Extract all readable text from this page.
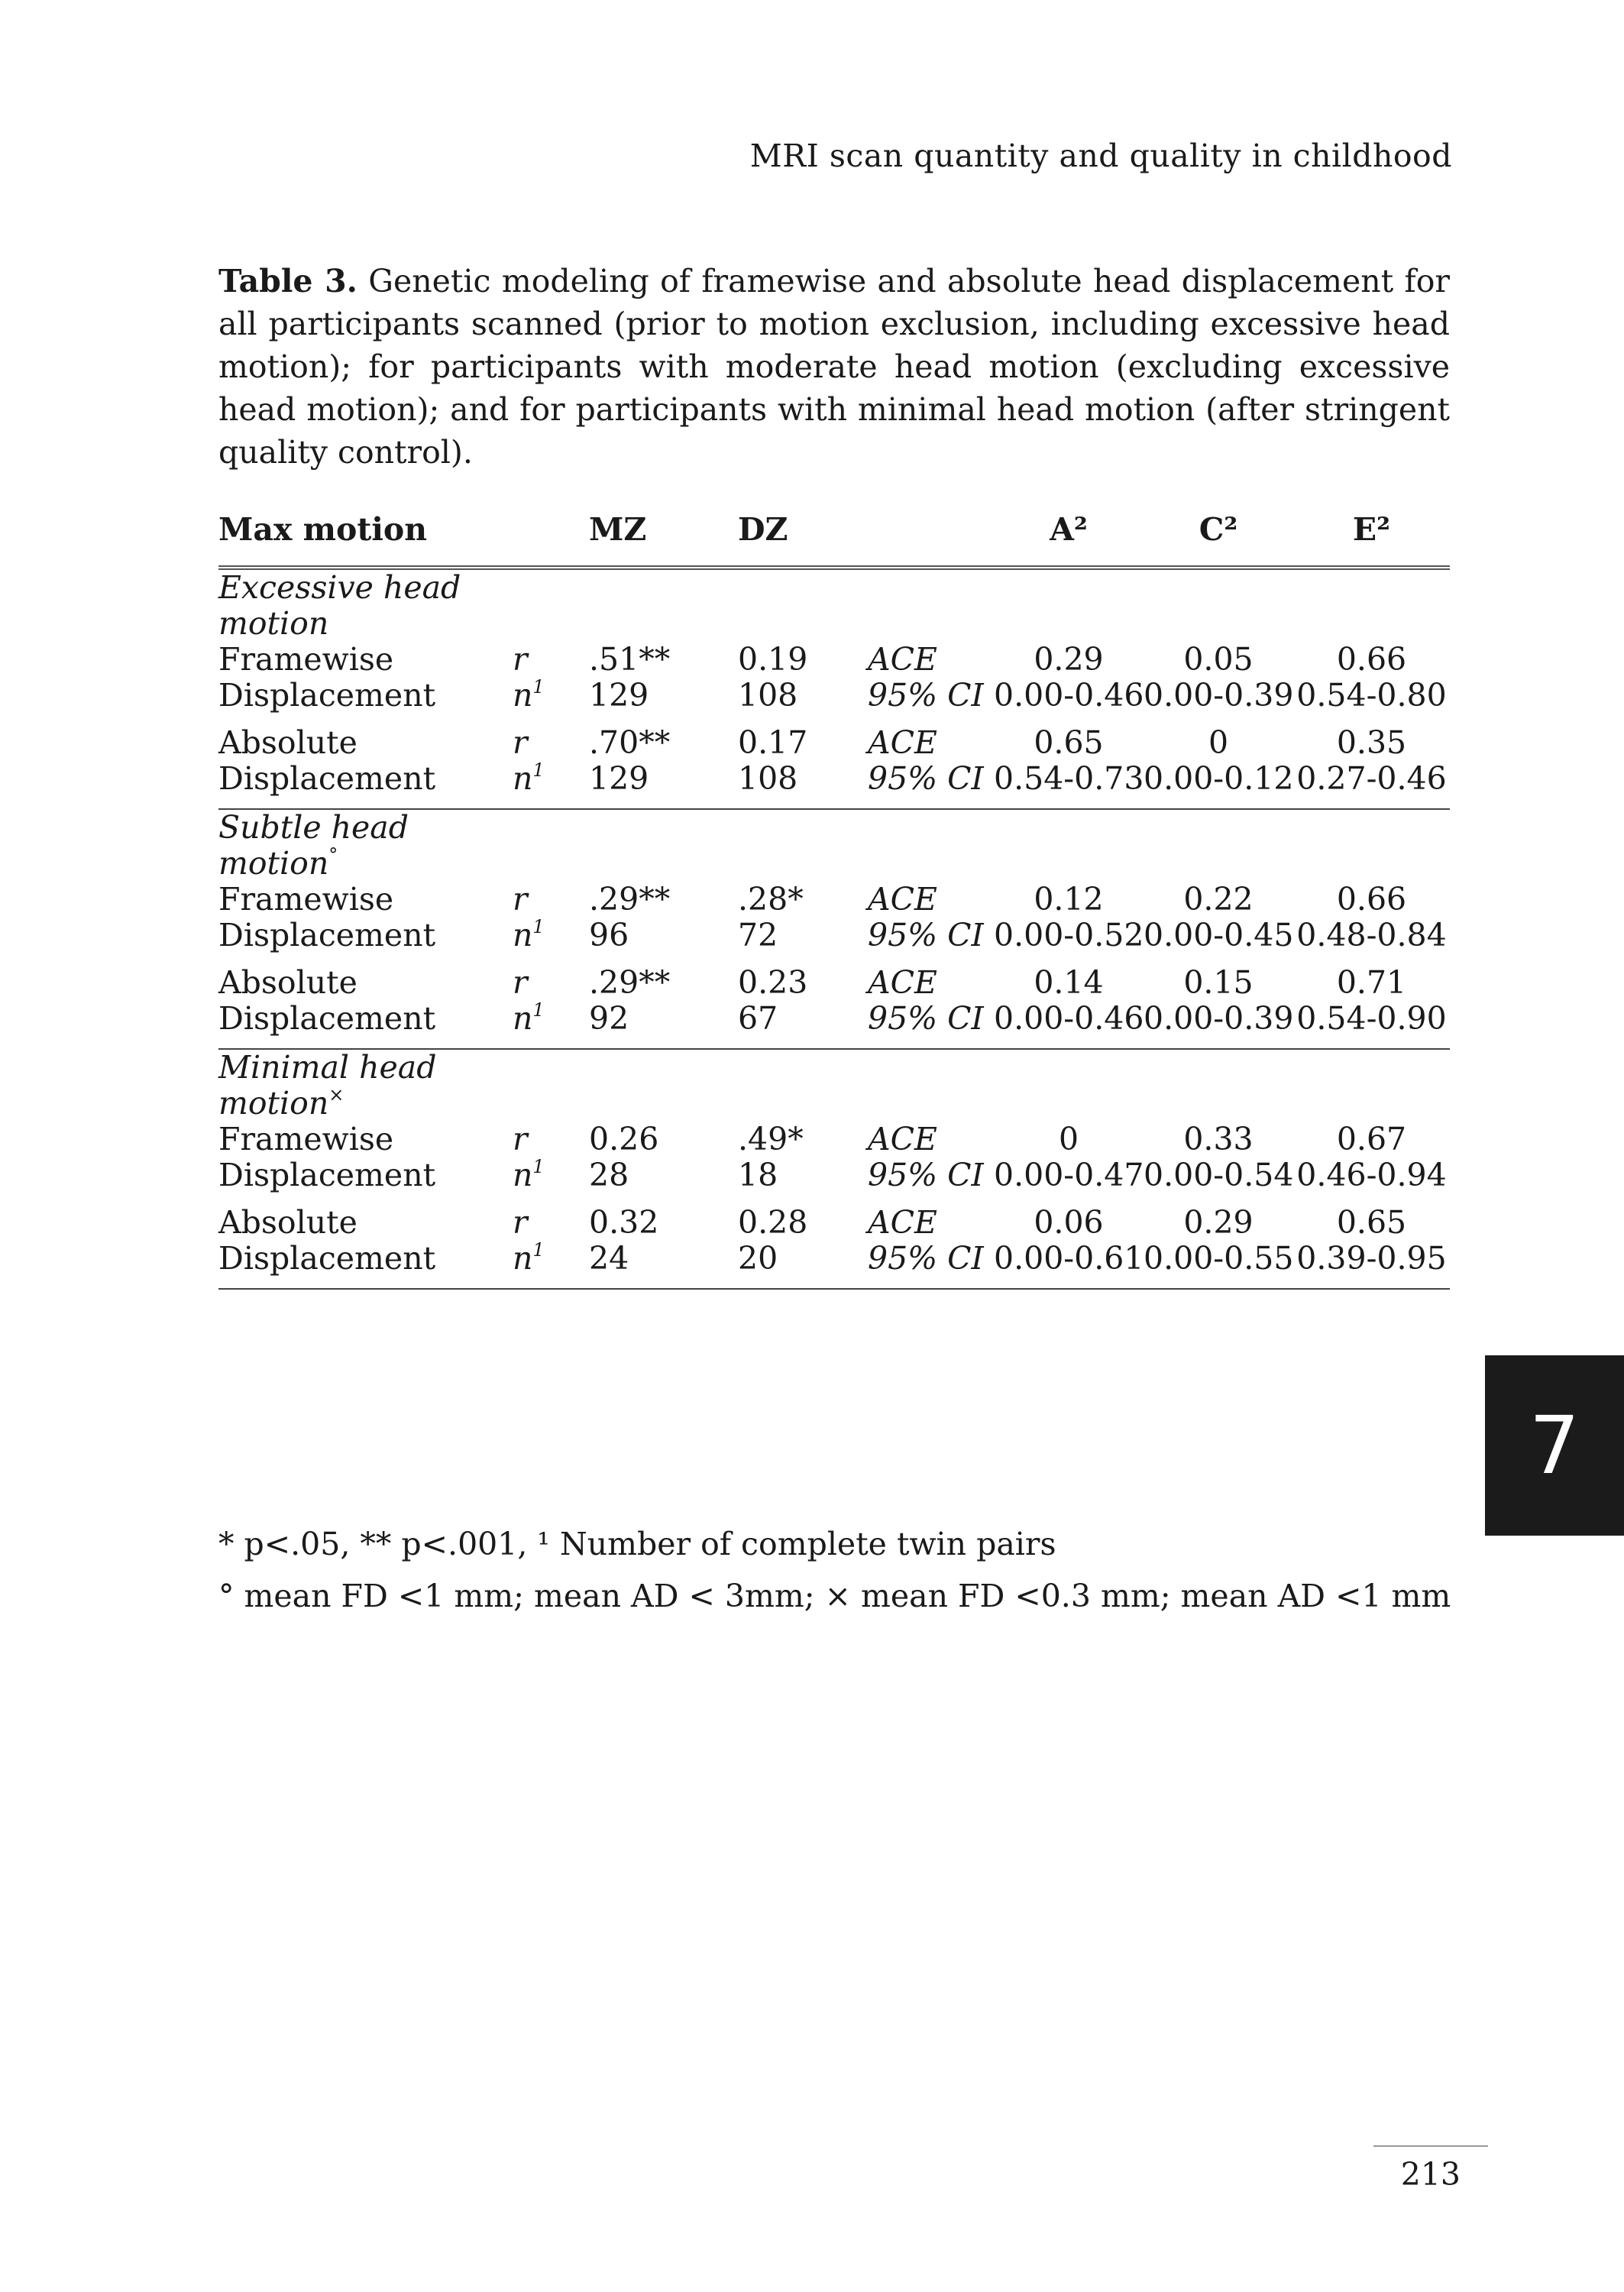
MRI scan quantity and quality in childhood
Table 3. Genetic modeling of framewise and absolute head displacement for all participants scanned (prior to motion exclusion, including excessive head motion); for participants with moderate head motion (excluding excessive head motion); and for participants with minimal head motion (after stringent quality control).
Max motion		MZ	DZ		A²	C²	E²
Excessive head motion							
Framewise Displacement	r	.51**	0.19	ACE	0.29	0.05	0.66
	$n^1$	129	108	95% CI	0.00-0.46	0.00-0.39	0.54-0.80
Absolute Displacement	r	.70**	0.17	ACE	0.65	0	0.35
	$n^1$	129	108	95% CI	0.54-0.73	0.00-0.12	0.27-0.46
Subtle head motion°	
Framewise Displacement	r	.29**	.28*	ACE	0.12	0.22	0.66
	$n^1$	96	72	95% CI	0.00-0.52	0.00-0.45	0.48-0.84
Absolute Displacement	r	.29**	0.23	ACE	0.14	0.15	0.71
	$n^1$	92	67	95% CI	0.00-0.46	0.00-0.39	0.54-0.90
Minimal head motion×	
Framewise Displacement	r	0.26	.49*	ACE	0	0.33	0.67
	$n^1$	28	18	95% CI	0.00-0.47	0.00-0.54	0.46-0.94
Absolute Displacement	r	0.32	0.28	ACE	0.06	0.29	0.65
	$n^1$	24	20	95% CI	0.00-0.61	0.00-0.55	0.39-0.95
* p<.05, ** p<.001, ¹ Number of complete twin pairs
° mean FD <1 mm; mean AD < 3mm; × mean FD <0.3 mm; mean AD <1 mm
7
213
